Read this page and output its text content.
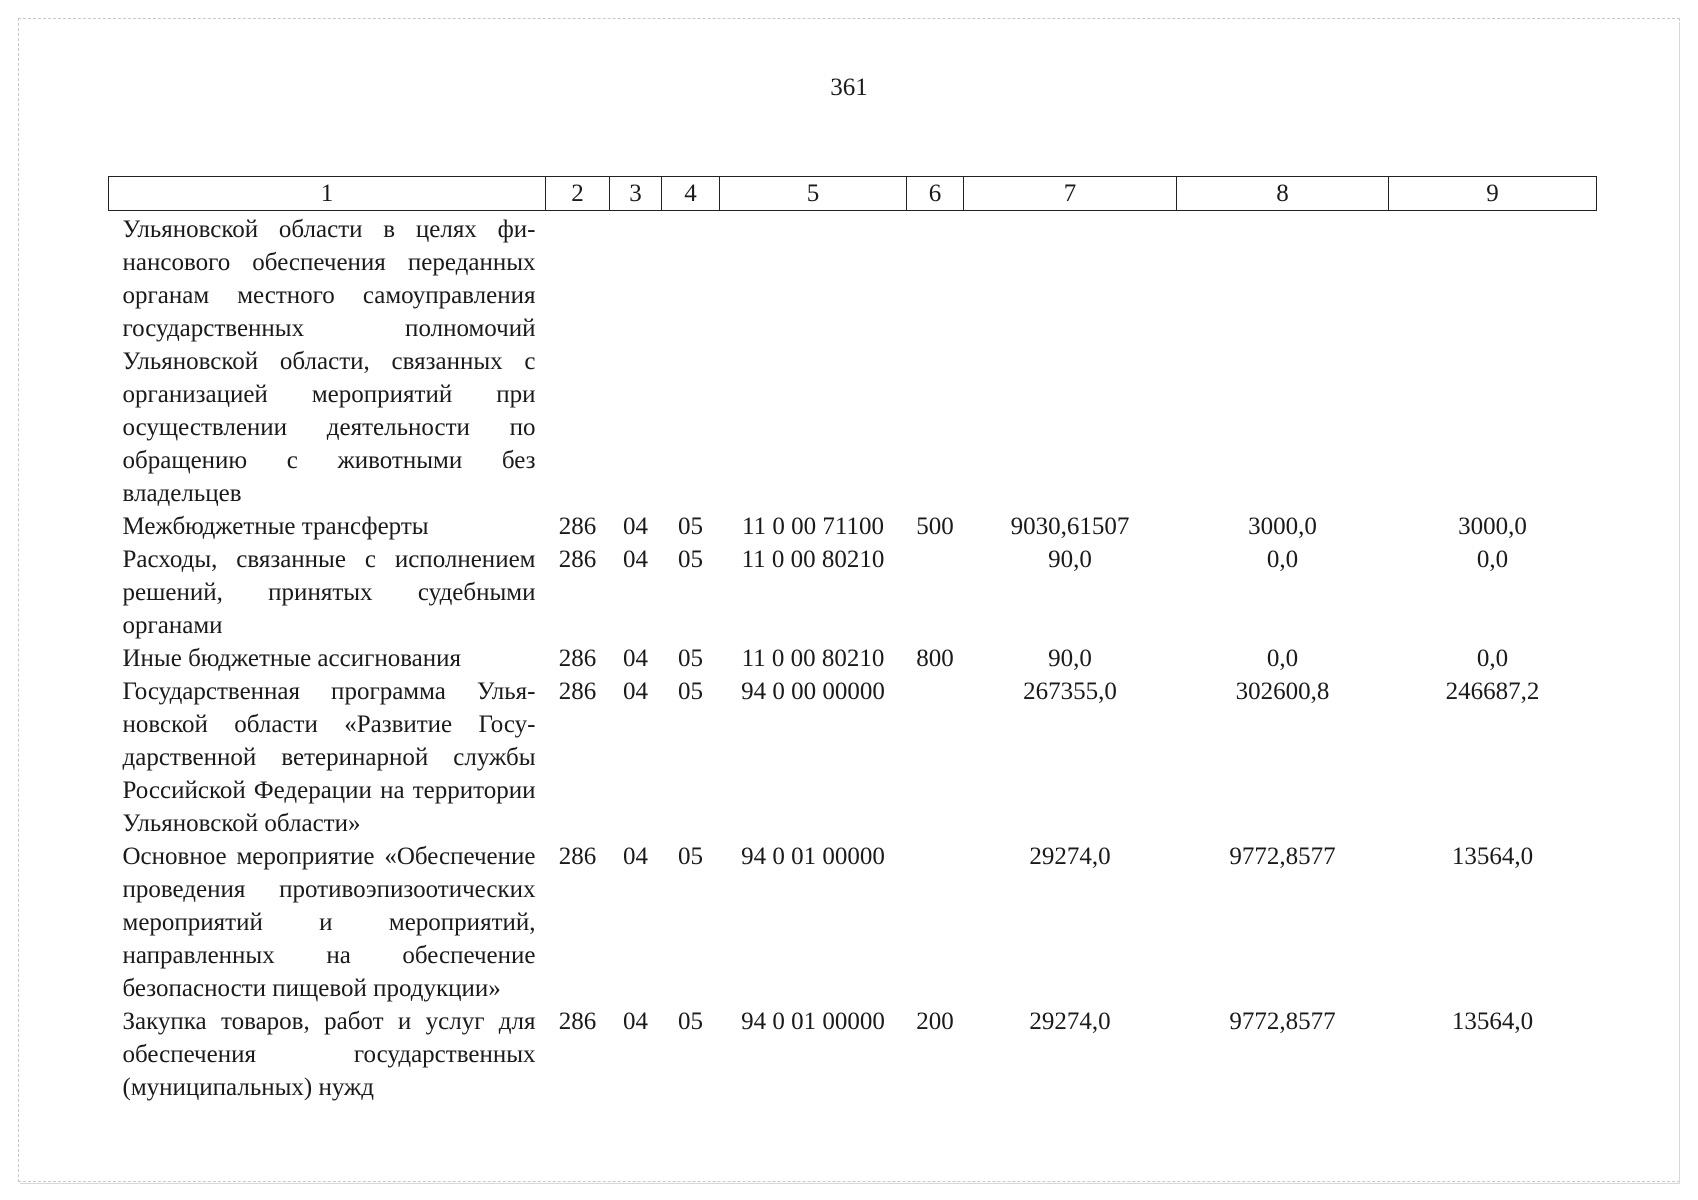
361
1	2	3	4	5	6	7	8	9
Ульяновской области в целях финансового обеспечения переданных органам местного самоуправления государственных полномочий Ульяновской области, связанных с организацией мероприятий при осуществлении деятельности по обращению с животными без владельцев								
Межбюджетные трансферты	286	04	05	11 0 00 71100	500	9030,61507	3000,0	3000,0
Расходы, связанные с исполнением решений, принятых судебными органами	286	04	05	11 0 00 80210		90,0	0,0	0,0
Иные бюджетные ассигнования	286	04	05	11 0 00 80210	800	90,0	0,0	0,0
Государственная программа Ульяновской области «Развитие Государственной ветеринарной службы Российской Федерации на территории Ульяновской области»	286	04	05	94 0 00 00000		267355,0	302600,8	246687,2
Основное мероприятие «Обеспечение проведения противоэпизоотических мероприятий и мероприятий, направленных на обеспечение безопасности пищевой продукции»	286	04	05	94 0 01 00000		29274,0	9772,8577	13564,0
Закупка товаров, работ и услуг для обеспечения государственных (муниципальных) нужд	286	04	05	94 0 01 00000	200	29274,0	9772,8577	13564,0
